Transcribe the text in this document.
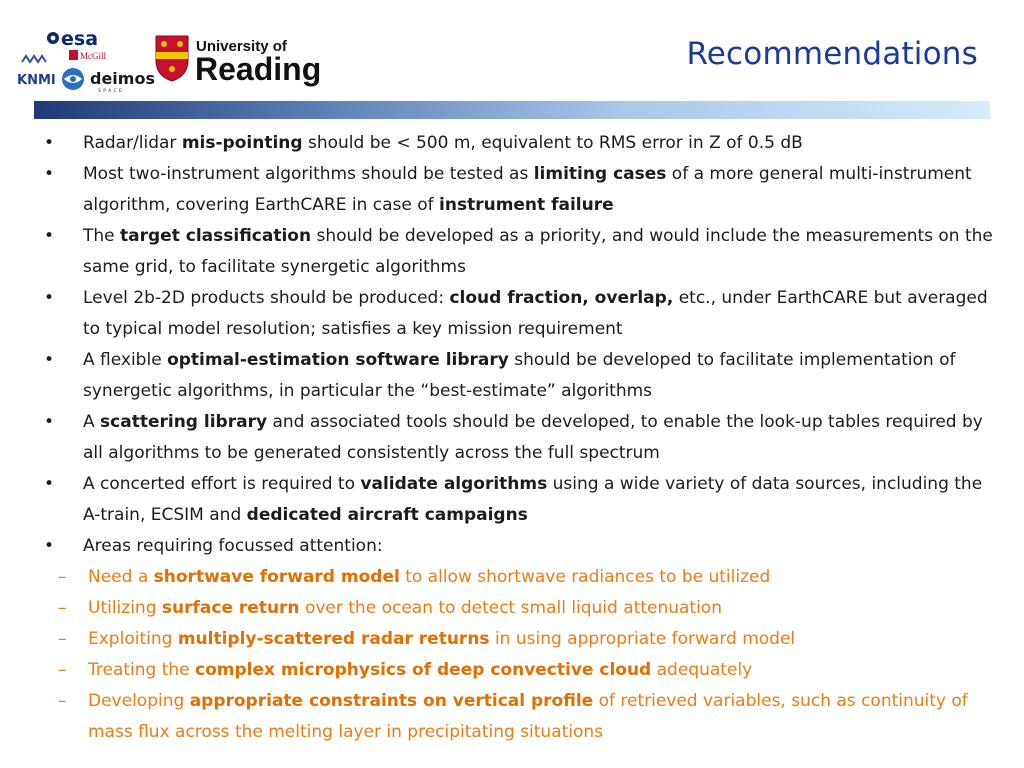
esa
McGill
KNMI deimos
SPACE
University of
Reading	Recommendations
• Radar/lidar mis-pointing should be < 500 m, equivalent to RMS error in Z of 0.5 dB
• Most two-instrument algorithms should be tested as limiting cases of a more general multi-instrument algorithm, covering EarthCARE in case of instrument failure
• The target classification should be developed as a priority, and would include the measurements on the same grid, to facilitate synergetic algorithms
• Level 2b-2D products should be produced: cloud fraction, overlap, etc., under EarthCARE but averaged to typical model resolution; satisfies a key mission requirement
• A flexible optimal-estimation software library should be developed to facilitate implementation of synergetic algorithms, in particular the “best-estimate” algorithms
• A scattering library and associated tools should be developed, to enable the look-up tables required by all algorithms to be generated consistently across the full spectrum
• A concerted effort is required to validate algorithms using a wide variety of data sources, including the A-train, ECSIM and dedicated aircraft campaigns
• Areas requiring focussed attention:
– Need a shortwave forward model to allow shortwave radiances to be utilized
– Utilizing surface return over the ocean to detect small liquid attenuation
– Exploiting multiply-scattered radar returns in using appropriate forward model
– Treating the complex microphysics of deep convective cloud adequately
– Developing appropriate constraints on vertical profile of retrieved variables, such as continuity of mass flux across the melting layer in precipitating situations
